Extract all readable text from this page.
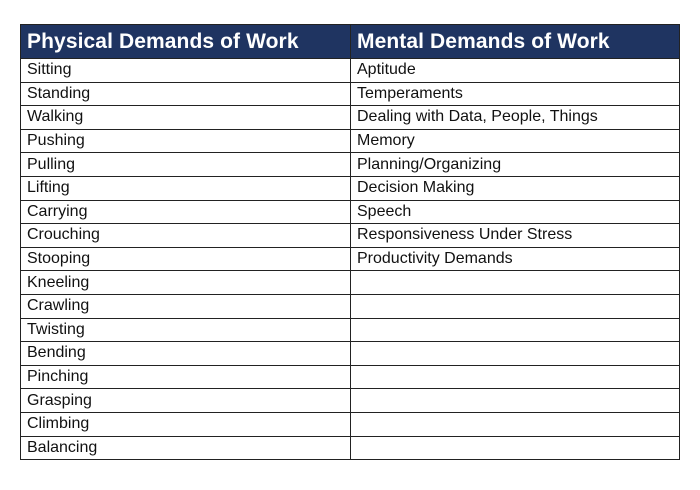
Physical Demands of Work	Mental Demands of Work
Sitting	Aptitude
Standing	Temperaments
Walking	Dealing with Data, People, Things
Pushing	Memory
Pulling	Planning/Organizing
Lifting	Decision Making
Carrying	Speech
Crouching	Responsiveness Under Stress
Stooping	Productivity Demands
Kneeling	
Crawling	
Twisting	
Bending	
Pinching	
Grasping	
Climbing	
Balancing	
